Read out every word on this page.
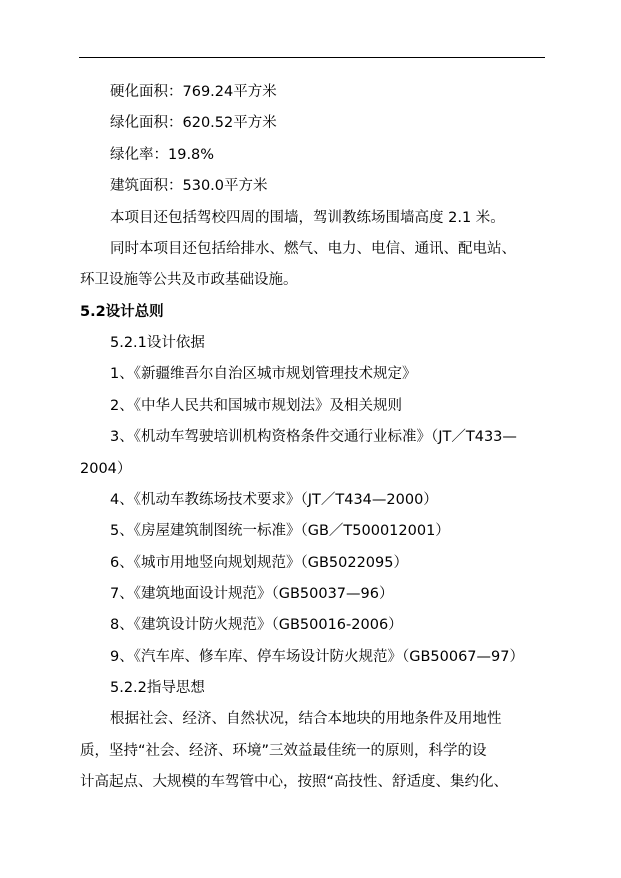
硬化面积：769.24平方米
绿化面积：620.52平方米
绿化率：19.8%
建筑面积：530.0平方米
本项目还包括驾校四周的围墙，驾训教练场围墙高度 2.1 米。
同时本项目还包括给排水、燃气、电力、电信、通讯、配电站、
环卫设施等公共及市政基础设施。
5.2设计总则
5.2.1设计依据
1、《新疆维吾尔自治区城市规划管理技术规定》
2、《中华人民共和国城市规划法》及相关规则
3、《机动车驾驶培训机构资格条件交通行业标准》（JT／T433—
2004）
4、《机动车教练场技术要求》（JT／T434—2000）
5、《房屋建筑制图统一标准》（GB／T500012001）
6、《城市用地竖向规划规范》（GB5022095）
7、《建筑地面设计规范》（GB50037—96）
8、《建筑设计防火规范》（GB50016-2006）
9、《汽车库、修车库、停车场设计防火规范》（GB50067—97）
5.2.2指导思想
根据社会、经济、自然状况，结合本地块的用地条件及用地性
质，坚持“社会、经济、环境”三效益最佳统一的原则，科学的设
计高起点、大规模的车驾管中心，按照“高技性、舒适度、集约化、
